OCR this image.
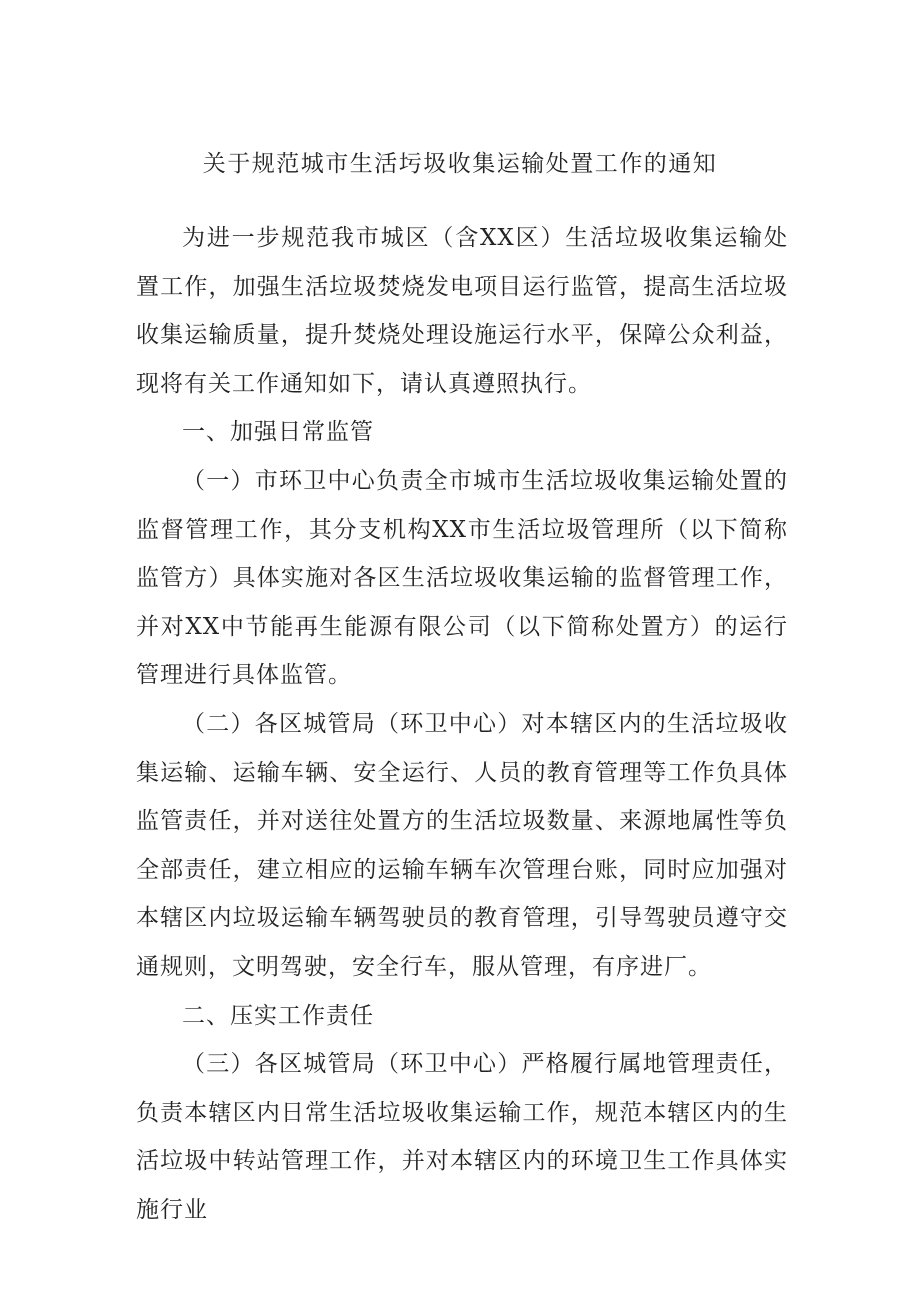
关于规范城市生活圬圾收集运输处置工作的通知

为进一步规范我市城区（含XX区）生活垃圾收集运输处置工作，加强生活垃圾焚烧发电项目运行监管，提高生活垃圾收集运输质量，提升焚烧处理设施运行水平，保障公众利益，现将有关工作通知如下，请认真遵照执行。

一、加强日常监管

（一）市环卫中心负责全市城市生活垃圾收集运输处置的监督管理工作，其分支机构XX市生活垃圾管理所（以下简称监管方）具体实施对各区生活垃圾收集运输的监督管理工作，并对XX中节能再生能源有限公司（以下简称处置方）的运行管理进行具体监管。

（二）各区城管局（环卫中心）对本辖区内的生活垃圾收集运输、运输车辆、安全运行、人员的教育管理等工作负具体监管责任，并对送往处置方的生活垃圾数量、来源地属性等负全部责任，建立相应的运输车辆车次管理台账，同时应加强对本辖区内垃圾运输车辆驾驶员的教育管理，引导驾驶员遵守交通规则，文明驾驶，安全行车，服从管理，有序进厂。

二、压实工作责任

（三）各区城管局（环卫中心）严格履行属地管理责任，负责本辖区内日常生活垃圾收集运输工作，规范本辖区内的生活垃圾中转站管理工作，并对本辖区内的环境卫生工作具体实施行业
